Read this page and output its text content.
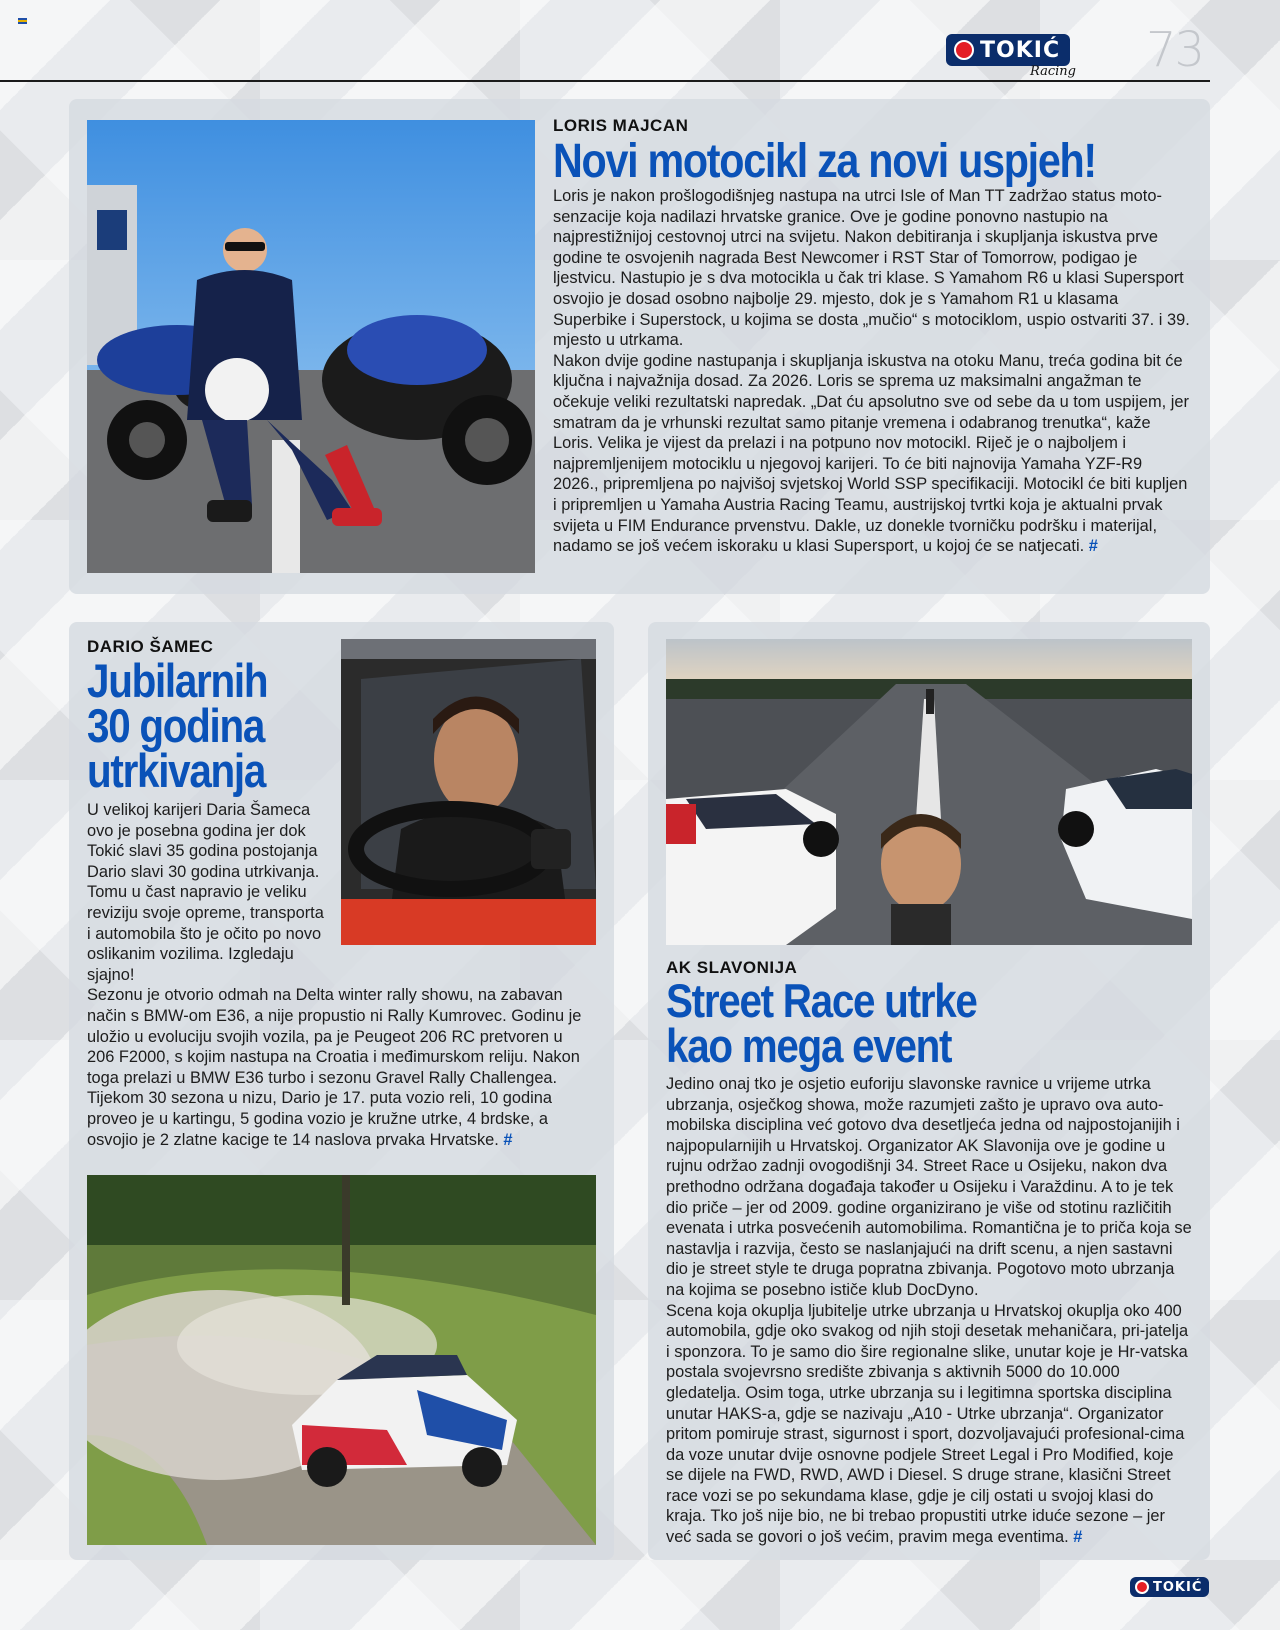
TOKIĆ
Racing 73
LORIS MAJCAN
Novi motocikl za novi uspjeh!

Loris je nakon prošlogodišnjeg nastupa na utrci Isle of Man TT zadržao status moto-senzacije koja nadilazi hrvatske granice. Ove je godine ponovno nastupio na najprestižnijoj cestovnoj utrci na svijetu. Nakon debitiranja i skupljanja iskustva prve godine te osvojenih nagrada Best Newcomer i RST Star of Tomorrow, podigao je ljestvicu. Nastupio je s dva motocikla u čak tri klase. S Yamahom R6 u klasi Supersport osvojio je dosad osobno najbolje 29. mjesto, dok je s Yamahom R1 u klasama Superbike i Superstock, u kojima se dosta „mučio“ s motociklom, uspio ostvariti 37. i 39. mjesto u utrkama.

Nakon dvije godine nastupanja i skupljanja iskustva na otoku Manu, treća godina bit će ključna i najvažnija dosad. Za 2026. Loris se sprema uz maksimalni angažman te očekuje veliki rezultatski napredak. „Dat ću apsolutno sve od sebe da u tom uspijem, jer smatram da je vrhunski rezultat samo pitanje vremena i odabranog trenutka“, kaže Loris. Velika je vijest da prelazi i na potpuno nov motocikl. Riječ je o najboljem i najpremljenijem motociklu u njegovoj karijeri. To će biti najnovija Yamaha YZF-R9 2026., pripremljena po najvišoj svjetskoj World SSP specifikaciji. Motocikl će biti kupljen i pripremljen u Yamaha Austria Racing Teamu, austrijskoj tvrtki koja je aktualni prvak svijeta u FIM Endurance prvenstvu. Dakle, uz donekle tvorničku podršku i materijal, nadamo se još većem iskoraku u klasi Supersport, u kojoj će se natjecati. #

DARIO ŠAMEC
Jubilarnih
30 godina
utrkivanja

U velikoj karijeri Daria Šameca ovo je posebna godina jer dok Tokić slavi 35 godina postojanja Dario slavi 30 godina utrkivanja. Tomu u čast napravio je veliku reviziju svoje opreme, transporta i automobila što je očito po novo oslikanim vozilima. Izgledaju sjajno!

Sezonu je otvorio odmah na Delta winter rally showu, na zabavan način s BMW-om E36, a nije propustio ni Rally Kumrovec. Godinu je uložio u evoluciju svojih vozila, pa je Peugeot 206 RC pretvoren u 206 F2000, s kojim nastupa na Croatia i međimurskom reliju. Nakon toga prelazi u BMW E36 turbo i sezonu Gravel Rally Challengea. Tijekom 30 sezona u nizu, Dario je 17. puta vozio reli, 10 godina proveo je u kartingu, 5 godina vozio je kružne utrke, 4 brdske, a osvojio je 2 zlatne kacige te 14 naslova prvaka Hrvatske. #

AK SLAVONIJA
Street Race utrke
kao mega event

Jedino onaj tko je osjetio euforiju slavonske ravnice u vrijeme utrka ubrzanja, osječkog showa, može razumjeti zašto je upravo ova auto-mobilska disciplina već gotovo dva desetljeća jedna od najpostojanijih i najpopularnijih u Hrvatskoj. Organizator AK Slavonija ove je godine u rujnu održao zadnji ovogodišnji 34. Street Race u Osijeku, nakon dva prethodno održana događaja također u Osijeku i Varaždinu. A to je tek dio priče – jer od 2009. godine organizirano je više od stotinu različitih evenata i utrka posvećenih automobilima. Romantična je to priča koja se nastavlja i razvija, često se naslanjajući na drift scenu, a njen sastavni dio je street style te druga popratna zbivanja. Pogotovo moto ubrzanja na kojima se posebno ističe klub DocDyno.

Scena koja okuplja ljubitelje utrke ubrzanja u Hrvatskoj okuplja oko 400 automobila, gdje oko svakog od njih stoji desetak mehaničara, pri-jatelja i sponzora. To je samo dio šire regionalne slike, unutar koje je Hr-vatska postala svojevrsno središte zbivanja s aktivnih 5000 do 10.000 gledatelja. Osim toga, utrke ubrzanja su i legitimna sportska disciplina unutar HAKS-a, gdje se nazivaju „A10 - Utrke ubrzanja“. Organizator pritom pomiruje strast, sigurnost i sport, dozvoljavajući profesional-cima da voze unutar dvije osnovne podjele Street Legal i Pro Modified, koje se dijele na FWD, RWD, AWD i Diesel. S druge strane, klasični Street race vozi se po sekundama klase, gdje je cilj ostati u svojoj klasi do kraja. Tko još nije bio, ne bi trebao propustiti utrke iduće sezone – jer već sada se govori o još većim, pravim mega eventima. #

TOKIĆ
